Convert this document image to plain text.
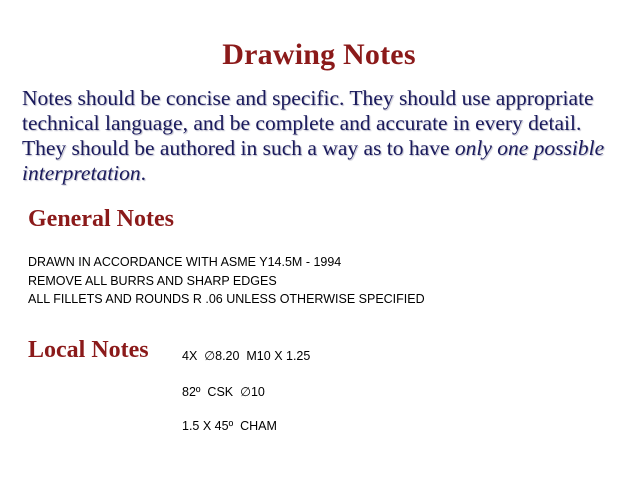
Drawing Notes
Notes should be concise and specific. They should use appropriate technical language, and be complete and accurate in every detail. They should be authored in such a way as to have only one possible interpretation.
General Notes
DRAWN IN ACCORDANCE WITH ASME Y14.5M - 1994
REMOVE ALL BURRS AND SHARP EDGES
ALL FILLETS AND ROUNDS R .06 UNLESS OTHERWISE SPECIFIED
Local Notes	4X  ∅8.20  M10 X 1.25
82º  CSK  ∅10
1.5 X 45º  CHAM
